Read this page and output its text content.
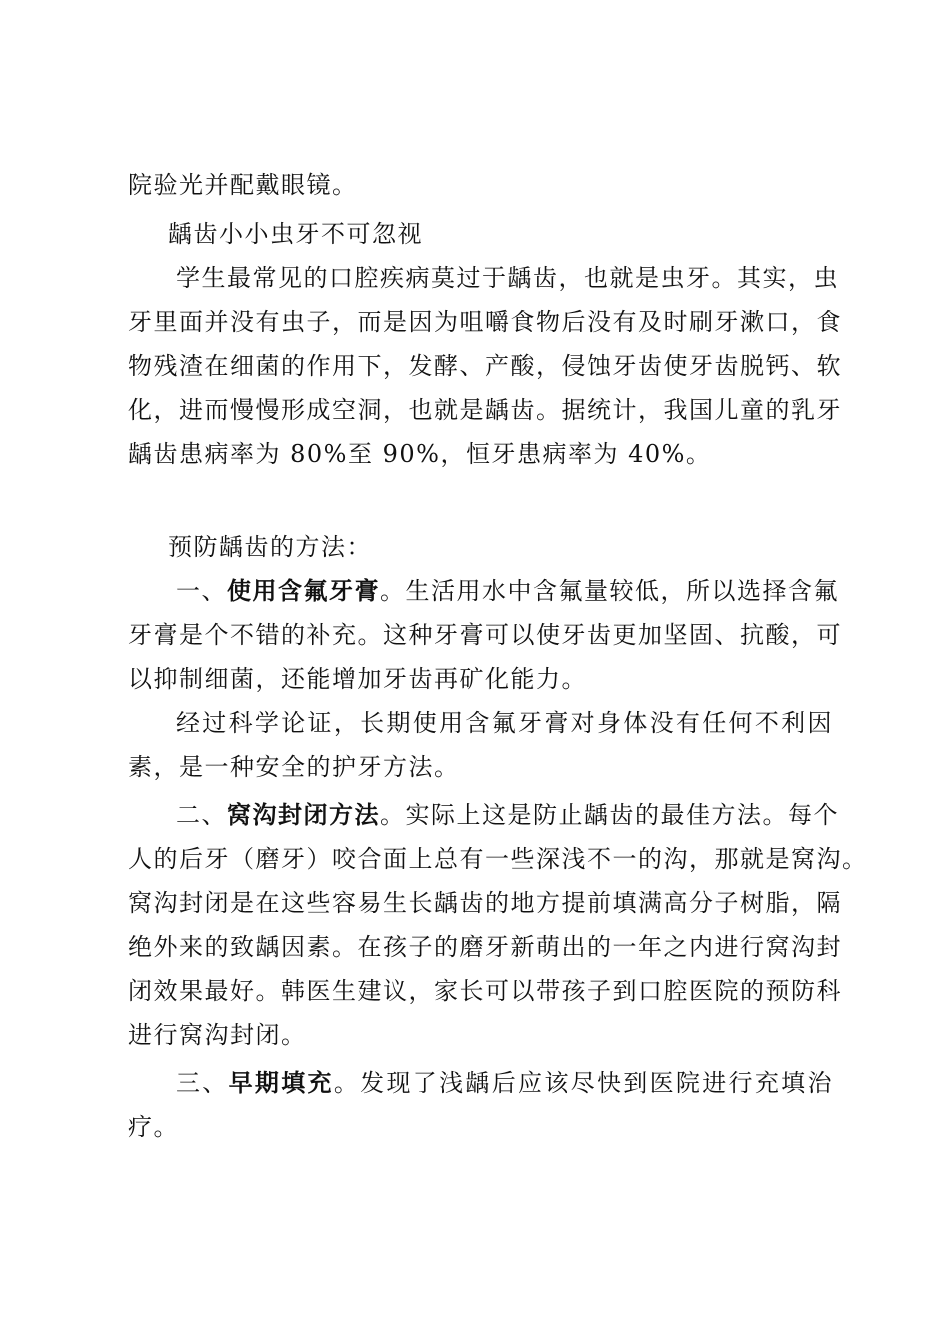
院验光并配戴眼镜。
龋齿小小虫牙不可忽视
学生最常见的口腔疾病莫过于龋齿，也就是虫牙。其实，虫
牙里面并没有虫子，而是因为咀嚼食物后没有及时刷牙漱口，食
物残渣在细菌的作用下，发酵、产酸，侵蚀牙齿使牙齿脱钙、软
化，进而慢慢形成空洞，也就是龋齿。据统计，我国儿童的乳牙
龋齿患病率为 80%至 90%，恒牙患病率为 40%。
预防龋齿的方法：
一、使用含氟牙膏。生活用水中含氟量较低，所以选择含氟
牙膏是个不错的补充。这种牙膏可以使牙齿更加坚固、抗酸，可
以抑制细菌，还能增加牙齿再矿化能力。
经过科学论证，长期使用含氟牙膏对身体没有任何不利因
素，是一种安全的护牙方法。
二、窝沟封闭方法。实际上这是防止龋齿的最佳方法。每个
人的后牙（磨牙）咬合面上总有一些深浅不一的沟，那就是窝沟。
窝沟封闭是在这些容易生长龋齿的地方提前填满高分子树脂，隔
绝外来的致龋因素。在孩子的磨牙新萌出的一年之内进行窝沟封
闭效果最好。韩医生建议，家长可以带孩子到口腔医院的预防科
进行窝沟封闭。
三、早期填充。发现了浅龋后应该尽快到医院进行充填治
疗。
